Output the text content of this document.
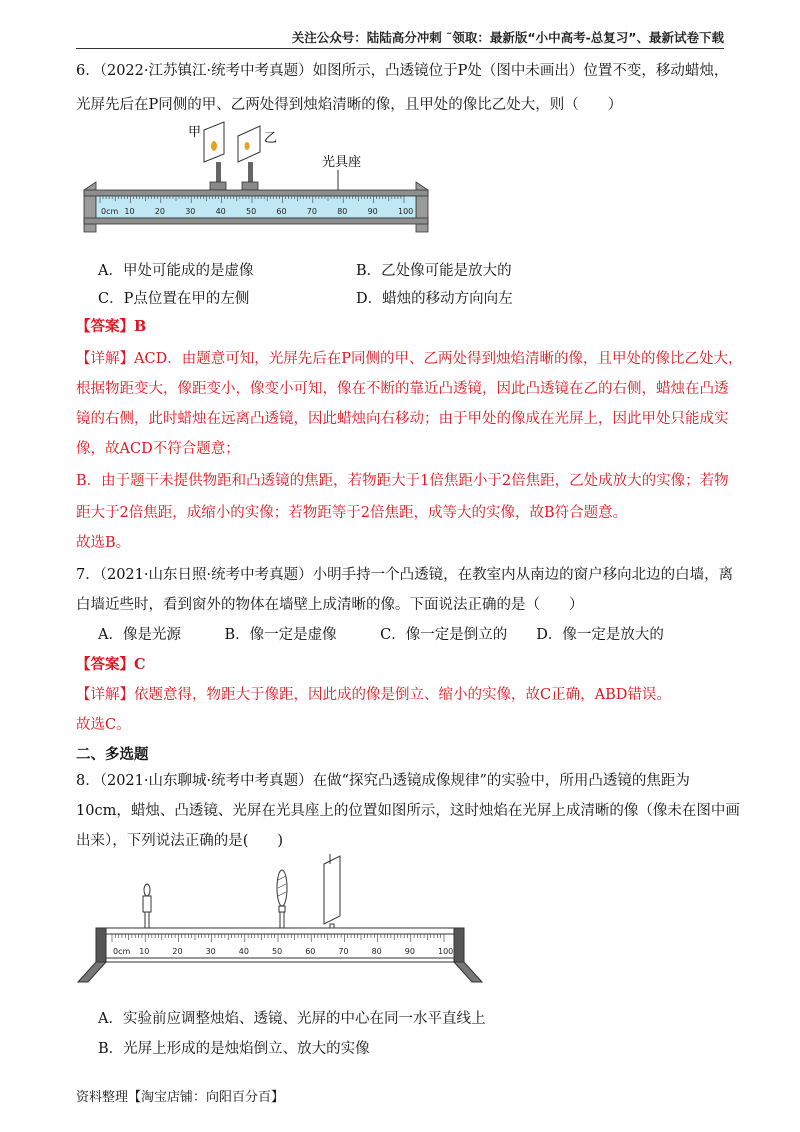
关注公众号：陆陆高分冲刺 ˜领取：最新版“小中高考-总复习”、最新试卷下载
6．（2022·江苏镇江·统考中考真题）如图所示，凸透镜位于P处（图中未画出）位置不变，移动蜡烛，
光屏先后在P同侧的甲、乙两处得到烛焰清晰的像，且甲处的像比乙处大，则（　　）
甲	乙
光具座
0cm 10	20	30	40	50	60	70	80	90	100
A．甲处可能成的是虚像	B．乙处像可能是放大的
C．P点位置在甲的左侧	D．蜡烛的移动方向向左
【答案】B
【详解】ACD．由题意可知，光屏先后在P同侧的甲、乙两处得到烛焰清晰的像，且甲处的像比乙处大，
根据物距变大，像距变小，像变小可知，像在不断的靠近凸透镜，因此凸透镜在乙的右侧，蜡烛在凸透
镜的右侧，此时蜡烛在远离凸透镜，因此蜡烛向右移动；由于甲处的像成在光屏上，因此甲处只能成实
像，故ACD不符合题意；
B．由于题干未提供物距和凸透镜的焦距，若物距大于1倍焦距小于2倍焦距，乙处成放大的实像；若物
距大于2倍焦距，成缩小的实像；若物距等于2倍焦距，成等大的实像，故B符合题意。
故选B。
7．（2021·山东日照·统考中考真题）小明手持一个凸透镜，在教室内从南边的窗户移向北边的白墙，离
白墙近些时，看到窗外的物体在墙壁上成清晰的像。下面说法正确的是（　　）
A．像是光源　　　B．像一定是虚像　　　C．像一定是倒立的　　D．像一定是放大的
【答案】C
【详解】依题意得，物距大于像距，因此成的像是倒立、缩小的实像，故C正确，ABD错误。
故选C。
二、多选题
8．（2021·山东聊城·统考中考真题）在做“探究凸透镜成像规律”的实验中，所用凸透镜的焦距为
10cm，蜡烛、凸透镜、光屏在光具座上的位置如图所示，这时烛焰在光屏上成清晰的像（像未在图中画
出来），下列说法正确的是(　　)
0cm 10	20	30	40	50	60	70	80	90	100
A．实验前应调整烛焰、透镜、光屏的中心在同一水平直线上
B．光屏上形成的是烛焰倒立、放大的实像
资料整理【淘宝店铺：向阳百分百】
